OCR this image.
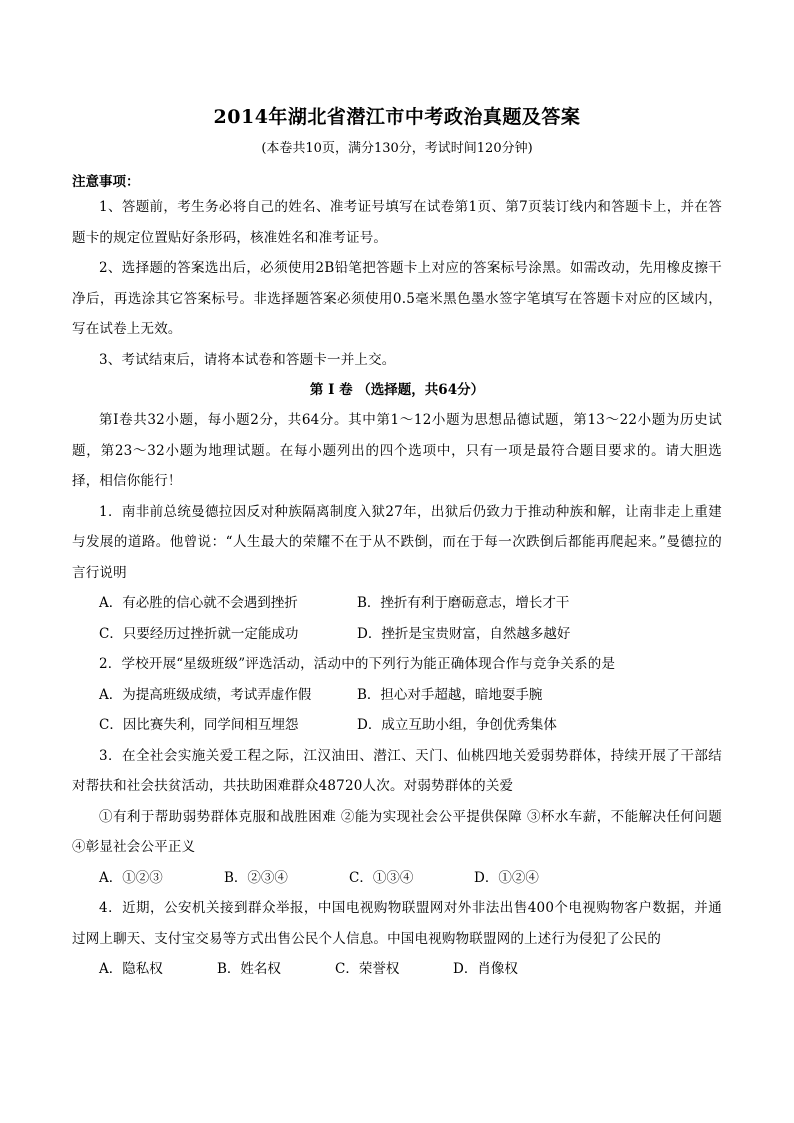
2014年湖北省潜江市中考政治真题及答案
(本卷共10页，满分130分，考试时间120分钟)
注意事项：

1、答题前，考生务必将自己的姓名、准考证号填写在试卷第1页、第7页装订线内和答题卡上，并在答题卡的规定位置贴好条形码，核准姓名和准考证号。

2、选择题的答案选出后，必须使用2B铅笔把答题卡上对应的答案标号涂黑。如需改动，先用橡皮擦干净后，再选涂其它答案标号。非选择题答案必须使用0.5毫米黑色墨水签字笔填写在答题卡对应的区域内，写在试卷上无效。

3、考试结束后，请将本试卷和答题卡一并上交。

第 I 卷 （选择题，共64分）

第I卷共32小题，每小题2分，共64分。其中第1～12小题为思想品德试题，第13～22小题为历史试题，第23～32小题为地理试题。在每小题列出的四个选项中，只有一项是最符合题目要求的。请大胆选择，相信你能行！

1．南非前总统曼德拉因反对种族隔离制度入狱27年，出狱后仍致力于推动种族和解，让南非走上重建与发展的道路。他曾说：“人生最大的荣耀不在于从不跌倒，而在于每一次跌倒后都能再爬起来。”曼德拉的言行说明

A．有必胜的信心就不会遇到挫折	B．挫折有利于磨砺意志，增长才干
C．只要经历过挫折就一定能成功	D．挫折是宝贵财富，自然越多越好

2．学校开展“星级班级”评选活动，活动中的下列行为能正确体现合作与竞争关系的是

A．为提高班级成绩，考试弄虚作假	B．担心对手超越，暗地耍手腕
C．因比赛失利，同学间相互埋怨	D．成立互助小组，争创优秀集体

3．在全社会实施关爱工程之际，江汉油田、潜江、天门、仙桃四地关爱弱势群体，持续开展了干部结对帮扶和社会扶贫活动，共扶助困难群众48720人次。对弱势群体的关爱

①有利于帮助弱势群体克服和战胜困难 ②能为实现社会公平提供保障 ③杯水车薪，不能解决任何问题 ④彰显社会公平正义

A．①②③	B．②③④	C．①③④	D．①②④

4．近期，公安机关接到群众举报，中国电视购物联盟网对外非法出售400个电视购物客户数据，并通过网上聊天、支付宝交易等方式出售公民个人信息。中国电视购物联盟网的上述行为侵犯了公民的

A．隐私权	B．姓名权	C．荣誉权	D．肖像权
